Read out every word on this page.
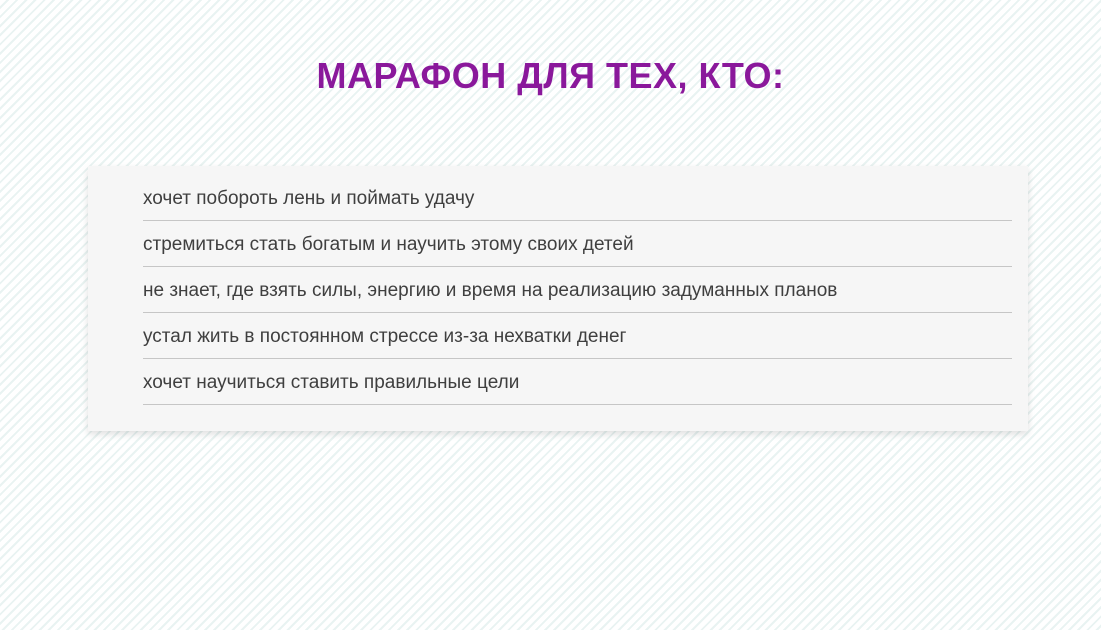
МАРАФОН ДЛЯ ТЕХ, КТО:
хочет побороть лень и поймать удачу
стремиться стать богатым и научить этому своих детей
не знает, где взять силы, энергию и время на реализацию задуманных планов
устал жить в постоянном стрессе из-за нехватки денег
хочет научиться ставить правильные цели
